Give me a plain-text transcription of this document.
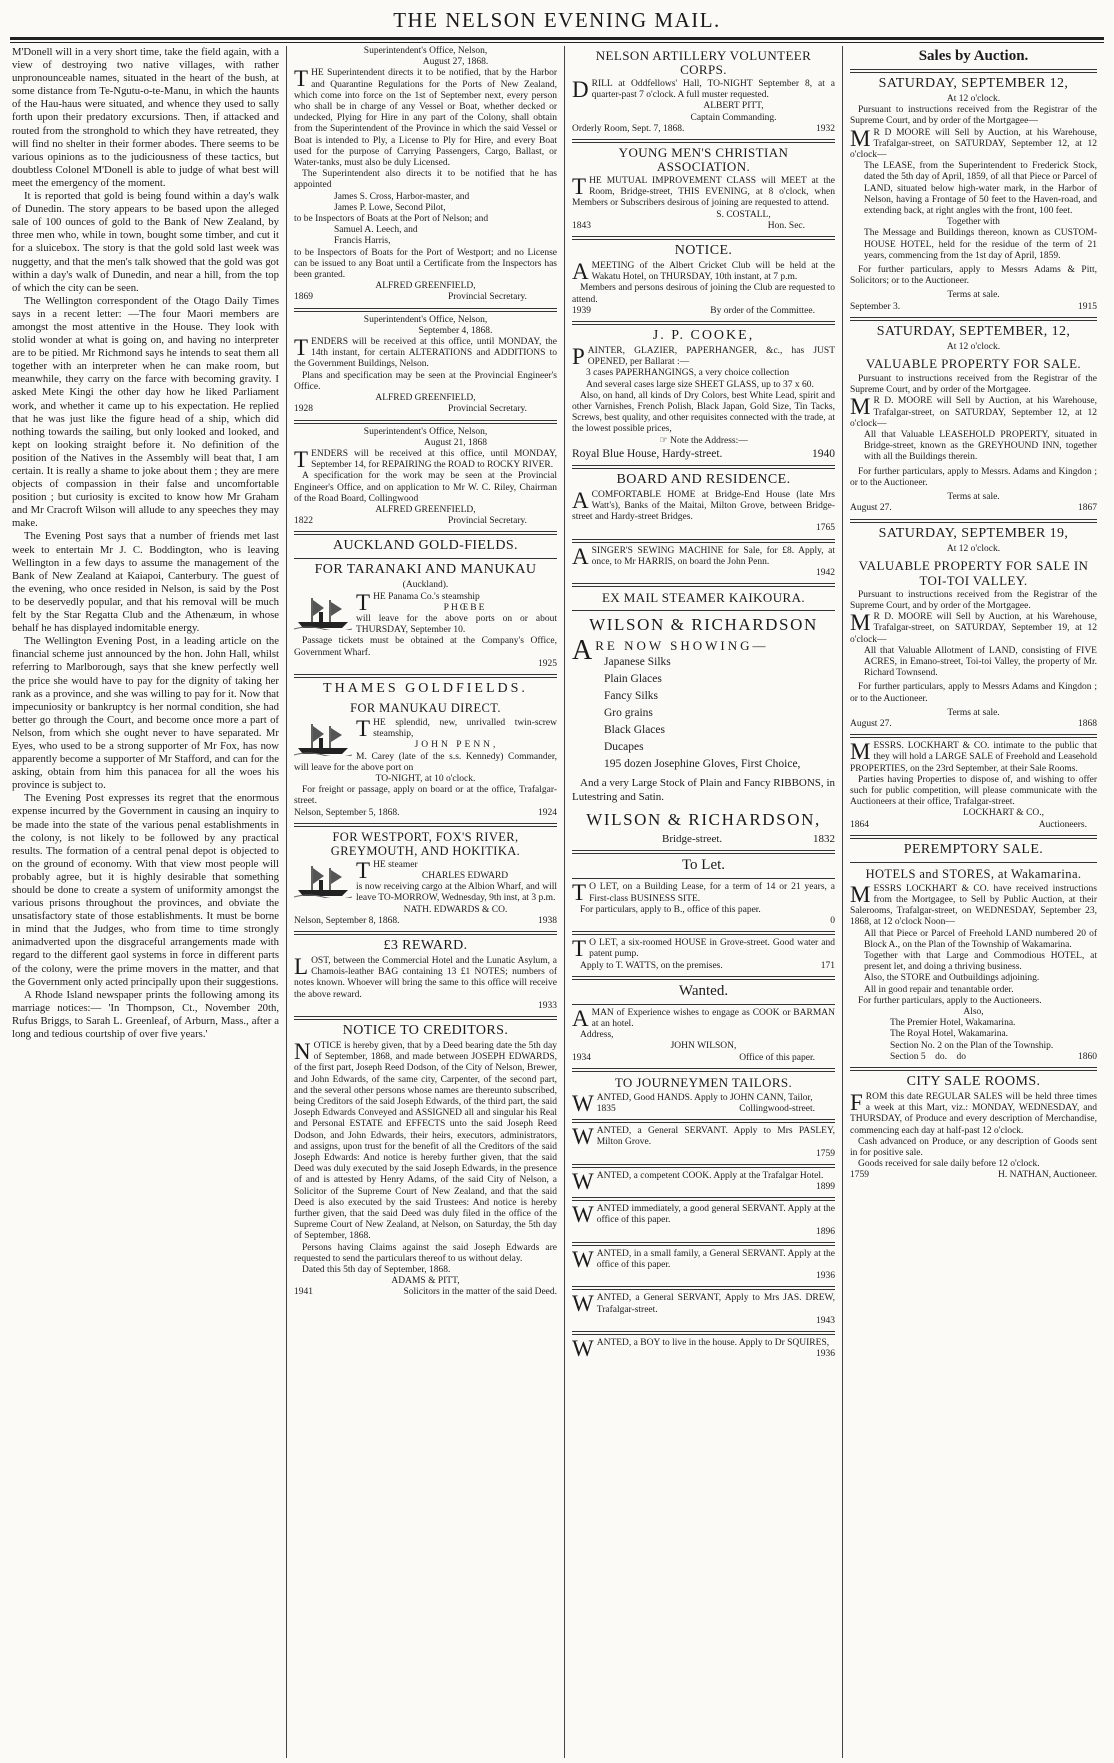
THE NELSON EVENING MAIL.

M'Donell will in a very short time, take the field again, with a view of destroying two native villages, with rather unpronounceable names, situated in the heart of the bush, at some distance from Te-Ngutu-o-te-Manu, in which the haunts of the Hau-haus were situated, and whence they used to sally forth upon their predatory excursions. Then, if attacked and routed from the stronghold to which they have retreated, they will find no shelter in their former abodes. There seems to be various opinions as to the judiciousness of these tactics, but doubtless Colonel M'Donell is able to judge of what best will meet the emergency of the moment.

It is reported that gold is being found within a day's walk of Dunedin. The story appears to be based upon the alleged sale of 100 ounces of gold to the Bank of New Zealand, by three men who, while in town, bought some timber, and cut it for a sluicebox. The story is that the gold sold last week was nuggetty, and that the men's talk showed that the gold was got within a day's walk of Dunedin, and near a hill, from the top of which the city can be seen.

The Wellington correspondent of the Otago Daily Times says in a recent letter: —The four Maori members are amongst the most attentive in the House. They look with stolid wonder at what is going on, and having no interpreter are to be pitied. Mr Richmond says he intends to seat them all together with an interpreter when he can make room, but meanwhile, they carry on the farce with becoming gravity. I asked Mete Kingi the other day how he liked Parliament work, and whether it came up to his expectation. He replied that he was just like the figure head of a ship, which did nothing towards the sailing, but only looked and looked, and kept on looking straight before it. No definition of the position of the Natives in the Assembly will beat that, I am certain. It is really a shame to joke about them ; they are mere objects of compassion in their false and uncomfortable position ; but curiosity is excited to know how Mr Graham and Mr Cracroft Wilson will allude to any speeches they may make.

The Evening Post says that a number of friends met last week to entertain Mr J. C. Boddington, who is leaving Wellington in a few days to assume the management of the Bank of New Zealand at Kaiapoi, Canterbury. The guest of the evening, who once resided in Nelson, is said by the Post to be deservedly popular, and that his removal will be much felt by the Star Regatta Club and the Athenæum, in whose behalf he has displayed indomitable energy.

The Wellington Evening Post, in a leading article on the financial scheme just announced by the hon. John Hall, whilst referring to Marlborough, says that she knew perfectly well the price she would have to pay for the dignity of taking her rank as a province, and she was willing to pay for it. Now that impecuniosity or bankruptcy is her normal condition, she had better go through the Court, and become once more a part of Nelson, from which she ought never to have separated. Mr Eyes, who used to be a strong supporter of Mr Fox, has now apparently become a supporter of Mr Stafford, and can for the asking, obtain from him this panacea for all the woes his province is subject to.

The Evening Post expresses its regret that the enormous expense incurred by the Government in causing an inquiry to be made into the state of the various penal establishments in the colony, is not likely to be followed by any practical results. The formation of a central penal depot is objected to on the ground of economy. With that view most people will probably agree, but it is highly desirable that something should be done to create a system of uniformity amongst the various prisons throughout the provinces, and obviate the unsatisfactory state of those establishments. It must be borne in mind that the Judges, who from time to time strongly animadverted upon the disgraceful arrangements made with regard to the different gaol systems in force in different parts of the colony, were the prime movers in the matter, and that the Government only acted principally upon their suggestions.

A Rhode Island newspaper prints the following among its marriage notices:— 'In Thompson, Ct., November 20th, Rufus Briggs, to Sarah L. Greenleaf, of Arburn, Mass., after a long and tedious courtship of over five years.'

Superintendent's Office, Nelson,
August 27, 1868.
THE Superintendent directs it to be notified, that by the Harbor and Quarantine Regulations for the Ports of New Zealand, which come into force on the 1st of September next, every person who shall be in charge of any Vessel or Boat, whether decked or undecked, Plying for Hire in any part of the Colony, shall obtain from the Superintendent of the Province in which the said Vessel or Boat is intended to Ply, a License to Ply for Hire, and every Boat used for the purpose of Carrying Passengers, Cargo, Ballast, or Water-tanks, must also be duly Licensed.
The Superintendent also directs it to be notified that he has appointed
James S. Cross, Harbor-master, and
James P. Lowe, Second Pilot,
to be Inspectors of Boats at the Port of Nelson; and
Samuel A. Leech, and
Francis Harris,
to be Inspectors of Boats for the Port of Westport; and no License can be issued to any Boat until a Certificate from the Inspectors has been granted.
ALFRED GREENFIELD,
1869	Provincial Secretary.
Superintendent's Office, Nelson,
September 4, 1868.
TENDERS will be received at this office, until MONDAY, the 14th instant, for certain ALTERATIONS and ADDITIONS to the Government Buildings, Nelson.
Plans and specification may be seen at the Provincial Engineer's Office.
ALFRED GREENFIELD,
1928	Provincial Secretary.
Superintendent's Office, Nelson,
August 21, 1868
TENDERS will be received at this office, until MONDAY, September 14, for REPAIRING the ROAD to ROCKY RIVER.
A specification for the work may be seen at the Provincial Engineer's Office, and on application to Mr W. C. Riley, Chairman of the Road Board, Collingwood
ALFRED GREENFIELD,
1822	Provincial Secretary.
AUCKLAND GOLD-FIELDS.
FOR TARANAKI AND MANUKAU
(Auckland).
THE Panama Co.'s steamship
PHŒBE
will leave for the above ports on or about THURSDAY, September 10.
Passage tickets must be obtained at the Company's Office, Government Wharf.
1925
THAMES GOLDFIELDS.
FOR MANUKAU DIRECT.
THE splendid, new, unrivalled twin-screw steamship,
JOHN PENN,
M. Carey (late of the s.s. Kennedy) Commander, will leave for the above port on
TO-NIGHT, at 10 o'clock.
For freight or passage, apply on board or at the office, Trafalgar-street.
Nelson, September 5, 1868.	1924
FOR WESTPORT, FOX'S RIVER, GREYMOUTH, AND HOKITIKA.
THE steamer
CHARLES EDWARD
is now receiving cargo at the Albion Wharf, and will leave TO-MORROW, Wednesday, 9th inst, at 3 p.m.
NATH. EDWARDS & CO.
Nelson, September 8, 1868.	1938
£3 REWARD.
LOST, between the Commercial Hotel and the Lunatic Asylum, a Chamois-leather BAG containing 13 £1 NOTES; numbers of notes known. Whoever will bring the same to this office will receive the above reward.
1933
NOTICE TO CREDITORS.
NOTICE is hereby given, that by a Deed bearing date the 5th day of September, 1868, and made between JOSEPH EDWARDS, of the first part, Joseph Reed Dodson, of the City of Nelson, Brewer, and John Edwards, of the same city, Carpenter, of the second part, and the several other persons whose names are thereunto subscribed, being Creditors of the said Joseph Edwards, of the third part, the said Joseph Edwards Conveyed and ASSIGNED all and singular his Real and Personal ESTATE and EFFECTS unto the said Joseph Reed Dodson, and John Edwards, their heirs, executors, administrators, and assigns, upon trust for the benefit of all the Creditors of the said Joseph Edwards: And notice is hereby further given, that the said Deed was duly executed by the said Joseph Edwards, in the presence of and is attested by Henry Adams, of the said City of Nelson, a Solicitor of the Supreme Court of New Zealand, and that the said Deed is also executed by the said Trustees: And notice is hereby further given, that the said Deed was duly filed in the office of the Supreme Court of New Zealand, at Nelson, on Saturday, the 5th day of September, 1868.
Persons having Claims against the said Joseph Edwards are requested to send the particulars thereof to us without delay.
Dated this 5th day of September, 1868.
ADAMS & PITT,
1941	Solicitors in the matter of the said Deed.
NELSON ARTILLERY VOLUNTEER CORPS.
DRILL at Oddfellows' Hall, TO-NIGHT September 8, at a quarter-past 7 o'clock. A full muster requested.
ALBERT PITT,
Captain Commanding.
Orderly Room, Sept. 7, 1868.	1932
YOUNG MEN'S CHRISTIAN ASSOCIATION.
THE MUTUAL IMPROVEMENT CLASS will MEET at the Room, Bridge-street, THIS EVENING, at 8 o'clock, when Members or Subscribers desirous of joining are requested to attend.
S. COSTALL,
1843	Hon. Sec.
NOTICE.
AMEETING of the Albert Cricket Club will be held at the Wakatu Hotel, on THURSDAY, 10th instant, at 7 p.m.
Members and persons desirous of joining the Club are requested to attend.
1939	By order of the Committee.
J. P. COOKE,
PAINTER, GLAZIER, PAPERHANGER, &c., has JUST OPENED, per Ballarat :—
3 cases PAPERHANGINGS, a very choice collection
And several cases large size SHEET GLASS, up to 37 x 60.
Also, on hand, all kinds of Dry Colors, best White Lead, spirit and other Varnishes, French Polish, Black Japan, Gold Size, Tin Tacks, Screws, best quality, and other requisites connected with the trade, at the lowest possible prices,
☞ Note the Address:—
Royal Blue House, Hardy-street.	1940
BOARD AND RESIDENCE.
ACOMFORTABLE HOME at Bridge-End House (late Mrs Watt's), Banks of the Maitai, Milton Grove, between Bridge-street and Hardy-street Bridges.
1765
ASINGER'S SEWING MACHINE for Sale, for £8. Apply, at once, to Mr HARRIS, on board the John Penn.
1942
EX MAIL STEAMER KAIKOURA.
WILSON & RICHARDSON
ARE NOW SHOWING—
Japanese Silks
Plain Glaces
Fancy Silks
Gro grains
Black Glaces
Ducapes
195 dozen Josephine Gloves, First Choice,
And a very Large Stock of Plain and Fancy RIBBONS, in Lutestring and Satin.
WILSON & RICHARDSON,
Bridge-street.	1832
To Let.
T O LET, on a Building Lease, for a term of 14 or 21 years, a First-class BUSINESS SITE.
For particulars, apply to B., office of this paper.
0
T O LET, a six-roomed HOUSE in Grove-street. Good water and patent pump.
Apply to T. WATTS, on the premises.	171
Wanted.
AMAN of Experience wishes to engage as COOK or BARMAN at an hotel.
Address,
JOHN WILSON,
1934	Office of this paper.
TO JOURNEYMEN TAILORS.
WANTED, Good HANDS. Apply to JOHN CANN, Tailor,
1835	Collingwood-street.
WANTED, a General SERVANT. Apply to Mrs PASLEY, Milton Grove.
1759
WANTED, a competent COOK. Apply at the Trafalgar Hotel.
1899
WANTED immediately, a good general SERVANT. Apply at the office of this paper.
1896
WANTED, in a small family, a General SERVANT. Apply at the office of this paper.
1936
WANTED, a General SERVANT, Apply to Mrs JAS. DREW, Trafalgar-street.
1943
WANTED, a BOY to live in the house. Apply to Dr SQUIRES,
1936
Sales by Auction.
SATURDAY, SEPTEMBER 12,
At 12 o'clock.
Pursuant to instructions received from the Registrar of the Supreme Court, and by order of the Mortgagee—
M R D MOORE will Sell by Auction, at his Warehouse, Trafalgar-street, on SATURDAY, September 12, at 12 o'clock—
The LEASE, from the Superintendent to Frederick Stock, dated the 5th day of April, 1859, of all that Piece or Parcel of LAND, situated below high-water mark, in the Harbor of Nelson, having a Frontage of 50 feet to the Haven-road, and extending back, at right angles with the front, 100 feet.
Together with
The Message and Buildings thereon, known as CUSTOM-HOUSE HOTEL, held for the residue of the term of 21 years, commencing from the 1st day of April, 1859.
For further particulars, apply to Messrs Adams & Pitt, Solicitors; or to the Auctioneer.
Terms at sale.
September 3.	1915
SATURDAY, SEPTEMBER, 12,
At 12 o'clock.
VALUABLE PROPERTY FOR SALE.
Pursuant to instructions received from the Registrar of the Supreme Court, and by order of the Mortgagee.
M R D. MOORE will Sell by Auction, at his Warehouse, Trafalgar-street, on SATURDAY, September 12, at 12 o'clock—
All that Valuable LEASEHOLD PROPERTY, situated in Bridge-street, known as the GREYHOUND INN, together with all the Buildings therein.
For further particulars, apply to Messrs. Adams and Kingdon ; or to the Auctioneer.
Terms at sale.
August 27.	1867
SATURDAY, SEPTEMBER 19,
At 12 o'clock.
VALUABLE PROPERTY FOR SALE IN TOI-TOI VALLEY.
Pursuant to instructions received from the Registrar of the Supreme Court, and by order of the Mortgagee.
M R D. MOORE will Sell by Auction, at his Warehouse, Trafalgar-street, on SATURDAY, September 19, at 12 o'clock—
All that Valuable Allotment of LAND, consisting of FIVE ACRES, in Emano-street, Toi-toi Valley, the property of Mr. Richard Townsend.
For further particulars, apply to Messrs Adams and Kingdon ; or to the Auctioneer.
Terms at sale.
August 27.	1868
MESSRS. LOCKHART & CO. intimate to the public that they will hold a LARGE SALE of Freehold and Leasehold PROPERTIES, on the 23rd September, at their Sale Rooms.
Parties having Properties to dispose of, and wishing to offer such for public competition, will please communicate with the Auctioneers at their office, Trafalgar-street.
LOCKHART & CO.,
1864	Auctioneers.
PEREMPTORY SALE.
HOTELS and STORES, at Wakamarina.
MESSRS LOCKHART & CO. have received instructions from the Mortgagee, to Sell by Public Auction, at their Salerooms, Trafalgar-street, on WEDNESDAY, September 23, 1868, at 12 o'clock Noon—
All that Piece or Parcel of Freehold LAND numbered 20 of Block A., on the Plan of the Township of Wakamarina.
Together with that Large and Commodious HOTEL, at present let, and doing a thriving business.
Also, the STORE and Outbuildings adjoining.
All in good repair and tenantable order.
For further particulars, apply to the Auctioneers.
Also,
The Premier Hotel, Wakamarina.
The Royal Hotel, Wakamarina.
Section No. 2 on the Plan of the Township.
Section 5 do. do	1860
CITY SALE ROOMS.
FROM this date REGULAR SALES will be held three times a week at this Mart, viz.: MONDAY, WEDNESDAY, and THURSDAY, of Produce and every description of Merchandise, commencing each day at half-past 12 o'clock.
Cash advanced on Produce, or any description of Goods sent in for positive sale.
Goods received for sale daily before 12 o'clock.
1759	H. NATHAN, Auctioneer.
